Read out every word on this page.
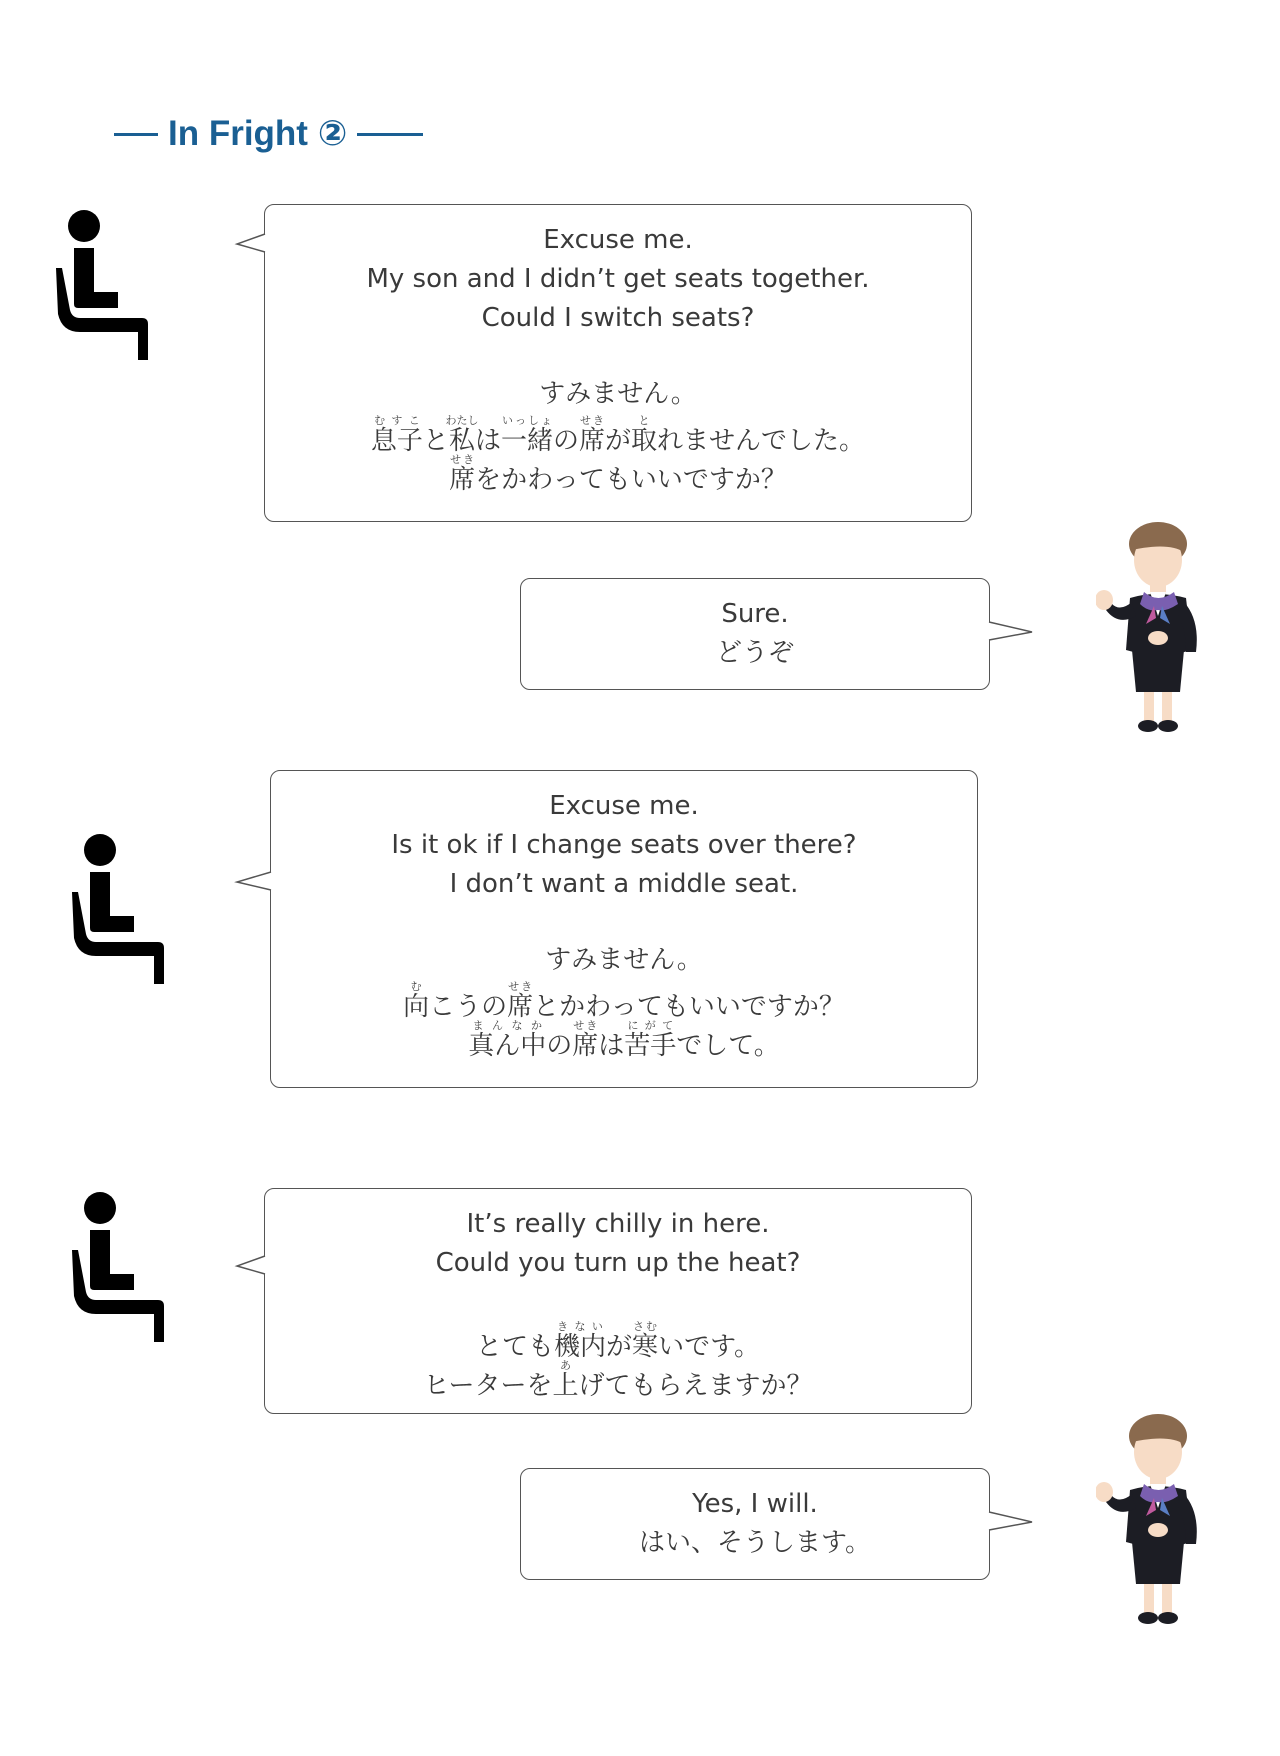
In Fright ②
Excuse me.
My son and I didn’t get seats together.
Could I switch seats?
すみません。
息子むすこと私わたしは一緒いっしょの席せきが取とれませんでした。
席せきをかわってもいいですか？
Sure.
どうぞ
Excuse me.
Is it ok if I change seats over there?
I don’t want a middle seat.
すみません。
向むこうの席せきとかわってもいいですか？
真ん中まんなかの席せきは苦手にがてでして。
It’s really chilly in here.
Could you turn up the heat?
とても機内きないが寒さむいです。
ヒーターを上あげてもらえますか？
Yes, I will.
はい、そうします。
